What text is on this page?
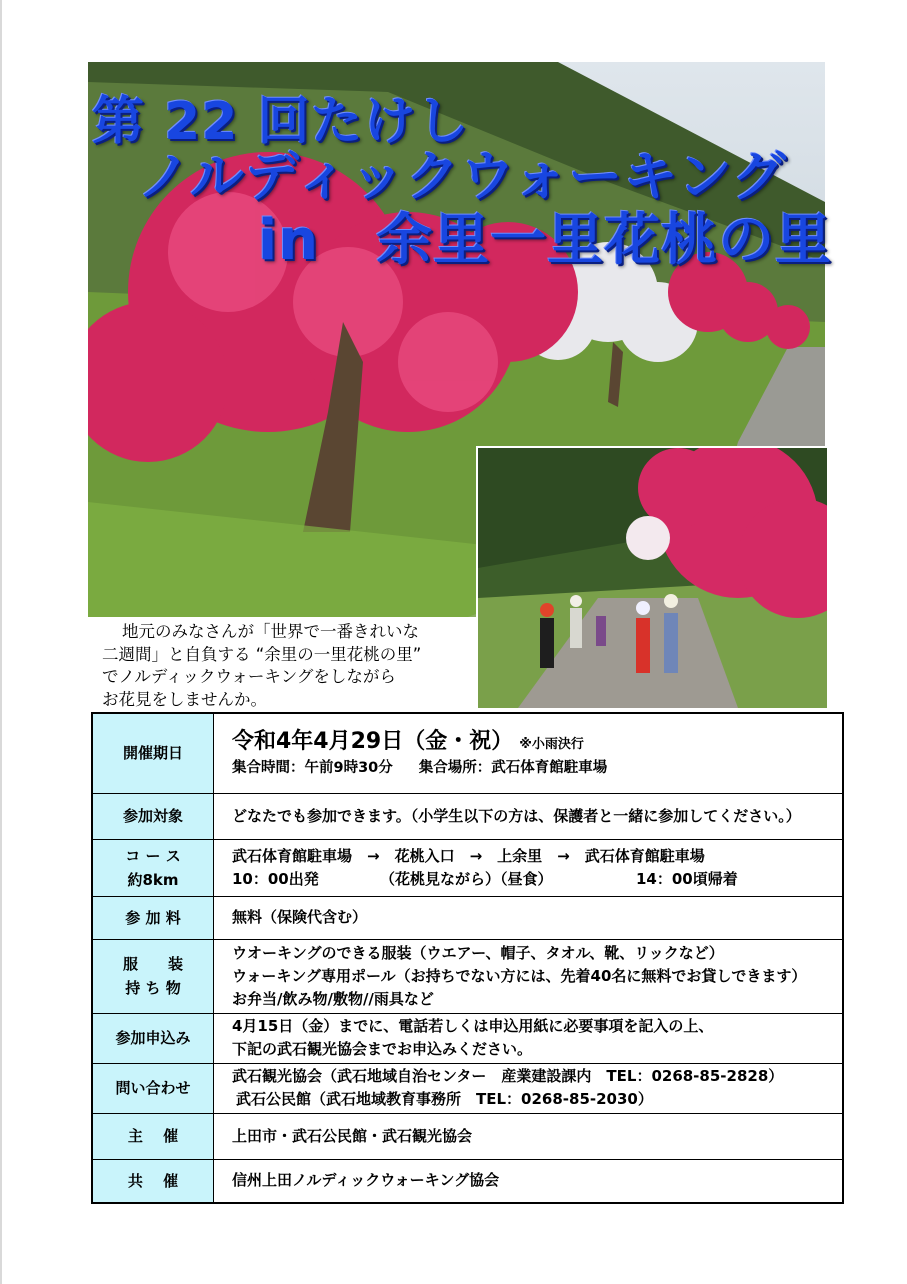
第 22 回たけし
ノルディックウォーキング
in　余里一里花桃の里

地元のみなさんが「世界で一番きれいな

二週間」と自負する “余里の一里花桃の里”

でノルディックウォーキングをしながら

お花見をしませんか。

開催期日	令和4年4月29日（金・祝） ※小雨決行
集合時間：午前9時30分 集合場所：武石体育館駐車場

参加対象	どなたでも参加できます。（小学生以下の方は、保護者と一緒に参加してください。）

コ ー ス
約8km	武石体育館駐車場　→　花桃入口　→　上余里　→　武石体育館駐車場
10：00出発 （花桃見ながら）（昼食） 14：00頃帰着

参 加 料	無料（保険代含む）

服　　装
持 ち 物	ウオーキングのできる服装（ウエアー、帽子、タオル、靴、リックなど）
ウォーキング専用ポール（お持ちでない方には、先着40名に無料でお貸しできます）
お弁当/飲み物/敷物//雨具など

参加申込み	4月15日（金）までに、電話若しくは申込用紙に必要事項を記入の上、
下記の武石観光協会までお申込みください。

問い合わせ	武石観光協会（武石地域自治センター　産業建設課内　TEL：0268-85-2828）
武石公民館（武石地域教育事務所　TEL：0268-85-2030）

主　 催	上田市・武石公民館・武石観光協会
共　 催	信州上田ノルディックウォーキング協会
